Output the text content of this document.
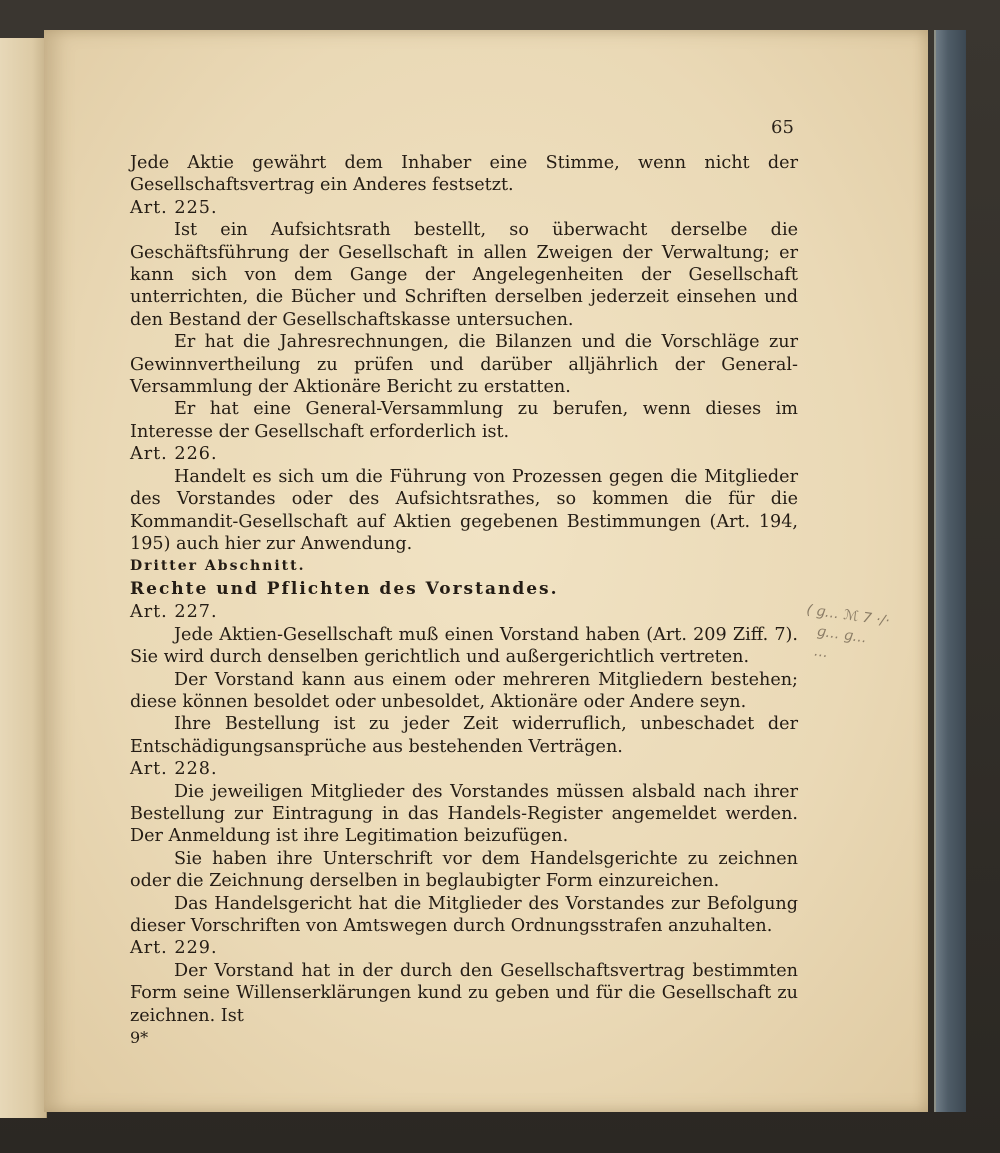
65

Jede Aktie gewährt dem Inhaber eine Stimme, wenn nicht der Gesellschaftsvertrag ein Anderes festsetzt.

Art. 225.

Ist ein Aufsichtsrath bestellt, so überwacht derselbe die Geschäftsführung der Gesellschaft in allen Zweigen der Verwaltung; er kann sich von dem Gange der Angelegenheiten der Gesellschaft unterrichten, die Bücher und Schriften derselben jederzeit einsehen und den Bestand der Gesellschaftskasse untersuchen.

Er hat die Jahresrechnungen, die Bilanzen und die Vorschläge zur Gewinnvertheilung zu prüfen und darüber alljährlich der General-Versammlung der Aktionäre Bericht zu erstatten.

Er hat eine General-Versammlung zu berufen, wenn dieses im Interesse der Gesellschaft erforderlich ist.

Art. 226.

Handelt es sich um die Führung von Prozessen gegen die Mitglieder des Vorstandes oder des Aufsichtsrathes, so kommen die für die Kommandit-Gesellschaft auf Aktien gegebenen Bestimmungen (Art. 194, 195) auch hier zur Anwendung.

Dritter Abschnitt.

Rechte und Pflichten des Vorstandes.

Art. 227.

Jede Aktien-Gesellschaft muß einen Vorstand haben (Art. 209 Ziff. 7). Sie wird durch denselben gerichtlich und außergerichtlich vertreten.

Der Vorstand kann aus einem oder mehreren Mitgliedern bestehen; diese können besoldet oder unbesoldet, Aktionäre oder Andere seyn.

Ihre Bestellung ist zu jeder Zeit widerruflich, unbeschadet der Entschädigungsansprüche aus bestehenden Verträgen.

Art. 228.

Die jeweiligen Mitglieder des Vorstandes müssen alsbald nach ihrer Bestellung zur Eintragung in das Handels-Register angemeldet werden. Der Anmeldung ist ihre Legitimation beizufügen.

Sie haben ihre Unterschrift vor dem Handelsgerichte zu zeichnen oder die Zeichnung derselben in beglaubigter Form einzureichen.

Das Handelsgericht hat die Mitglieder des Vorstandes zur Befolgung dieser Vorschriften von Amtswegen durch Ordnungsstrafen anzuhalten.

Art. 229.

Der Vorstand hat in der durch den Gesellschaftsvertrag bestimmten Form seine Willenserklärungen kund zu geben und für die Gesellschaft zu zeichnen. Ist

9*

( ɡ… ℳ 7 ·/·
ɡ… ɡ…
…
